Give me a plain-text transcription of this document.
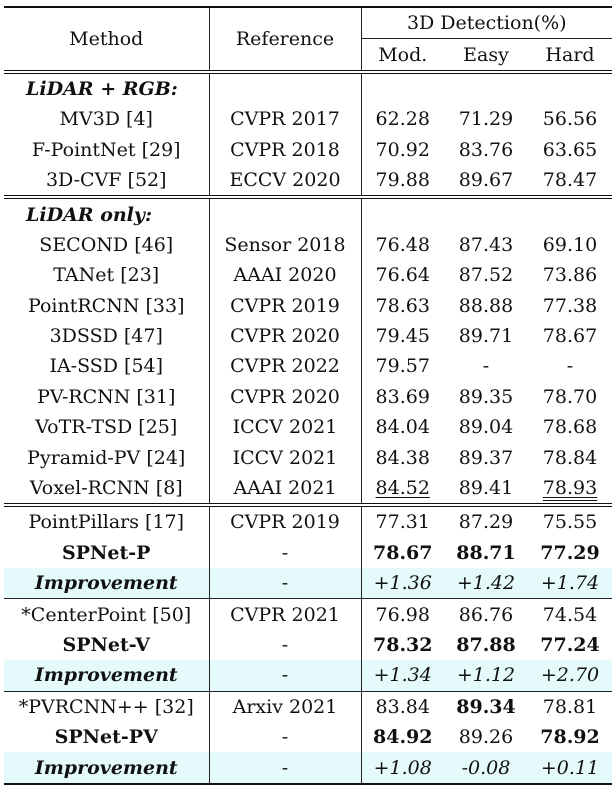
Method	Reference	3D Detection(%)		
		Mod.	Easy	Hard
LiDAR + RGB:				
MV3D [4]	CVPR 2017	62.28	71.29	56.56
F-PointNet [29]	CVPR 2018	70.92	83.76	63.65
3D-CVF [52]	ECCV 2020	79.88	89.67	78.47
LiDAR only:				
SECOND [46]	Sensor 2018	76.48	87.43	69.10
TANet [23]	AAAI 2020	76.64	87.52	73.86
PointRCNN [33]	CVPR 2019	78.63	88.88	77.38
3DSSD [47]	CVPR 2020	79.45	89.71	78.67
IA-SSD [54]	CVPR 2022	79.57	-	-
PV-RCNN [31]	CVPR 2020	83.69	89.35	78.70
VoTR-TSD [25]	ICCV 2021	84.04	89.04	78.68
Pyramid-PV [24]	ICCV 2021	84.38	89.37	78.84
Voxel-RCNN [8]	AAAI 2021	84.52	89.41	78.93
PointPillars [17]	CVPR 2019	77.31	87.29	75.55
SPNet-P	-	78.67	88.71	77.29
Improvement	-	+1.36	+1.42	+1.74
*CenterPoint [50]	CVPR 2021	76.98	86.76	74.54
SPNet-V	-	78.32	87.88	77.24
Improvement	-	+1.34	+1.12	+2.70
*PVRCNN++ [32]	Arxiv 2021	83.84	89.34	78.81
SPNet-PV	-	84.92	89.26	78.92
Improvement	-	+1.08	-0.08	+0.11
